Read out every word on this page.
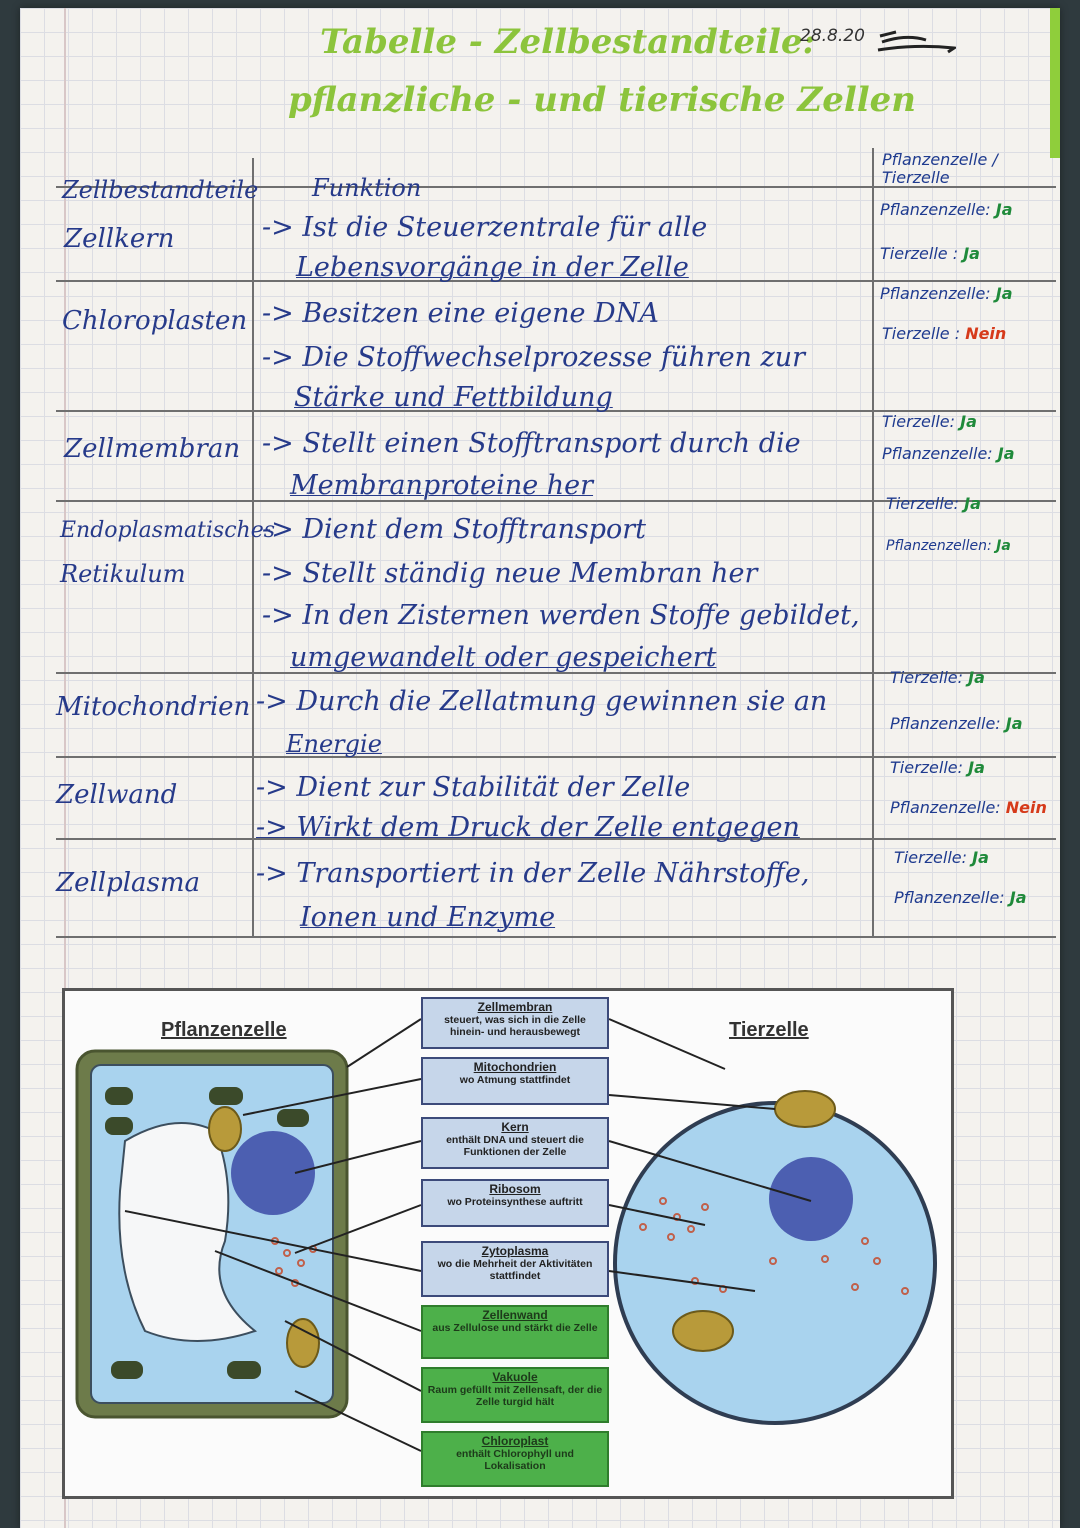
Tabelle - Zellbestandteile:
pflanzliche - und tierische Zellen
28.8.20
Zellbestandteile Funktion
Pflanzenzelle /
Tierzelle
Zellkern	-> Ist die Steuerzentrale für alle
Lebensvorgänge in der Zelle
Pflanzenzelle: Ja
Tierzelle : Ja
Chloroplasten -> Besitzen eine eigene DNA
-> Die Stoffwechselprozesse führen zur
Stärke und Fettbildung
Pflanzenzelle: Ja
Tierzelle : Nein
Zellmembran -> Stellt einen Stofftransport durch die
Membranproteine her
Tierzelle: Ja
Pflanzenzelle: Ja
Endoplasmatisches
Retikulum
-> Dient dem Stofftransport
-> Stellt ständig neue Membran her
-> In den Zisternen werden Stoffe gebildet,
umgewandelt oder gespeichert
Tierzelle: Ja
Pflanzenzellen: Ja
Mitochondrien -> Durch die Zellatmung gewinnen sie an
Energie
Tierzelle: Ja
Pflanzenzelle: Ja
Zellwand	-> Dient zur Stabilität der Zelle
-> Wirkt dem Druck der Zelle entgegen
Tierzelle: Ja
Pflanzenzelle: Nein
Zellplasma -> Transportiert in der Zelle Nährstoffe,
Ionen und Enzyme
Tierzelle: Ja
Pflanzenzelle: Ja
Pflanzenzelle	Tierzelle
Zellmembran
steuert, was sich in die Zelle hinein- und herausbewegt
Mitochondrien
wo Atmung stattfindet
Kern
enthält DNA und steuert die Funktionen der Zelle
Ribosom
wo Proteinsynthese auftritt
Zytoplasma
wo die Mehrheit der Aktivitäten stattfindet
Zellenwand
aus Zellulose und stärkt die Zelle
Vakuole
Raum gefüllt mit Zellensaft, der die Zelle turgid hält
Chloroplast
enthält Chlorophyll und Lokalisation
